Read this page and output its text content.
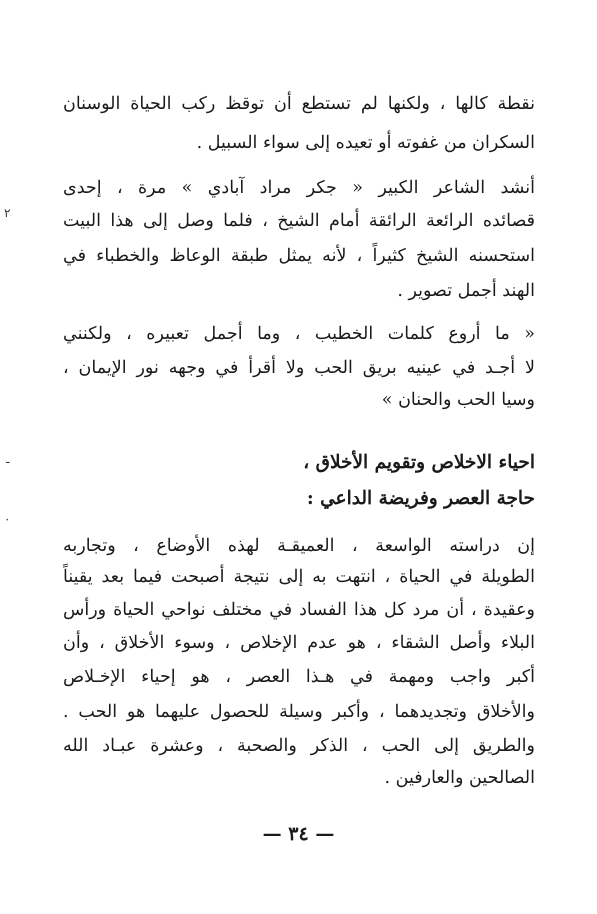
نقطة كالها ، ولكنها لم تستطع أن توقظ ركب الحياة الوسنان
السكران من غفوته أو تعيده إلى سواء السبيل .
أنشد الشاعر الكبير « جكر مراد آبادي » مرة ، إحدى
قصائده الرائعة الرائقة أمام الشيخ ، فلما وصل إلى هذا البيت
استحسنه الشيخ كثيراً ، لأنه يمثل طبقة الوعاظ والخطباء في
الهند أجمل تصوير .
« ما أروع كلمات الخطيب ، وما أجمل تعبيره ، ولكنني
لا أجـد في عينيه بريق الحب ولا أقرأ في وجهه نور الإيمان ،
وسيا الحب والحنان »
احياء الاخلاص وتقويم الأخلاق ،
حاجة العصر وفريضة الداعي :
إن دراسته الواسعة ، العميقـة لهذه الأوضاع ، وتجاربه
الطويلة في الحياة ، انتهت به إلى نتيجة أصبحت فيما بعد يقيناً
وعقيدة ، أن مرد كل هذا الفساد في مختلف نواحي الحياة ورأس
البلاء وأصل الشقاء ، هو عدم الإخلاص ، وسوء الأخلاق ، وأن
أكبر واجب ومهمة في هـذا العصر ، هو إحياء الإخـلاص
والأخلاق وتجديدهما ، وأكبر وسيلة للحصول عليهما هو الحب .
والطريق إلى الحب ، الذكر والصحبة ، وعشرة عبـاد الله
الصالحين والعارفين .
— ٣٤ —
٢
ـ
٠
